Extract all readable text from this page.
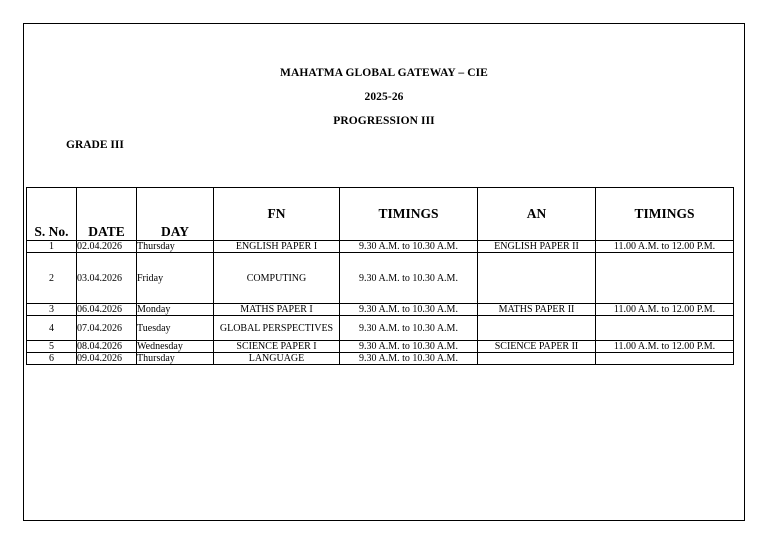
MAHATMA GLOBAL GATEWAY – CIE
2025-26
PROGRESSION III
GRADE III
S. No.	DATE	DAY	FN	TIMINGS	AN	TIMINGS
1	02.04.2026	Thursday	ENGLISH PAPER I	9.30 A.M. to 10.30 A.M.	ENGLISH PAPER II	11.00 A.M. to 12.00 P.M.
2	03.04.2026	Friday	COMPUTING	9.30 A.M. to 10.30 A.M.		
3	06.04.2026	Monday	MATHS PAPER I	9.30 A.M. to 10.30 A.M.	MATHS PAPER II	11.00 A.M. to 12.00 P.M.
4	07.04.2026	Tuesday	GLOBAL PERSPECTIVES	9.30 A.M. to 10.30 A.M.		
5	08.04.2026	Wednesday	SCIENCE PAPER I	9.30 A.M. to 10.30 A.M.	SCIENCE PAPER II	11.00 A.M. to 12.00 P.M.
6	09.04.2026	Thursday	LANGUAGE	9.30 A.M. to 10.30 A.M.		
